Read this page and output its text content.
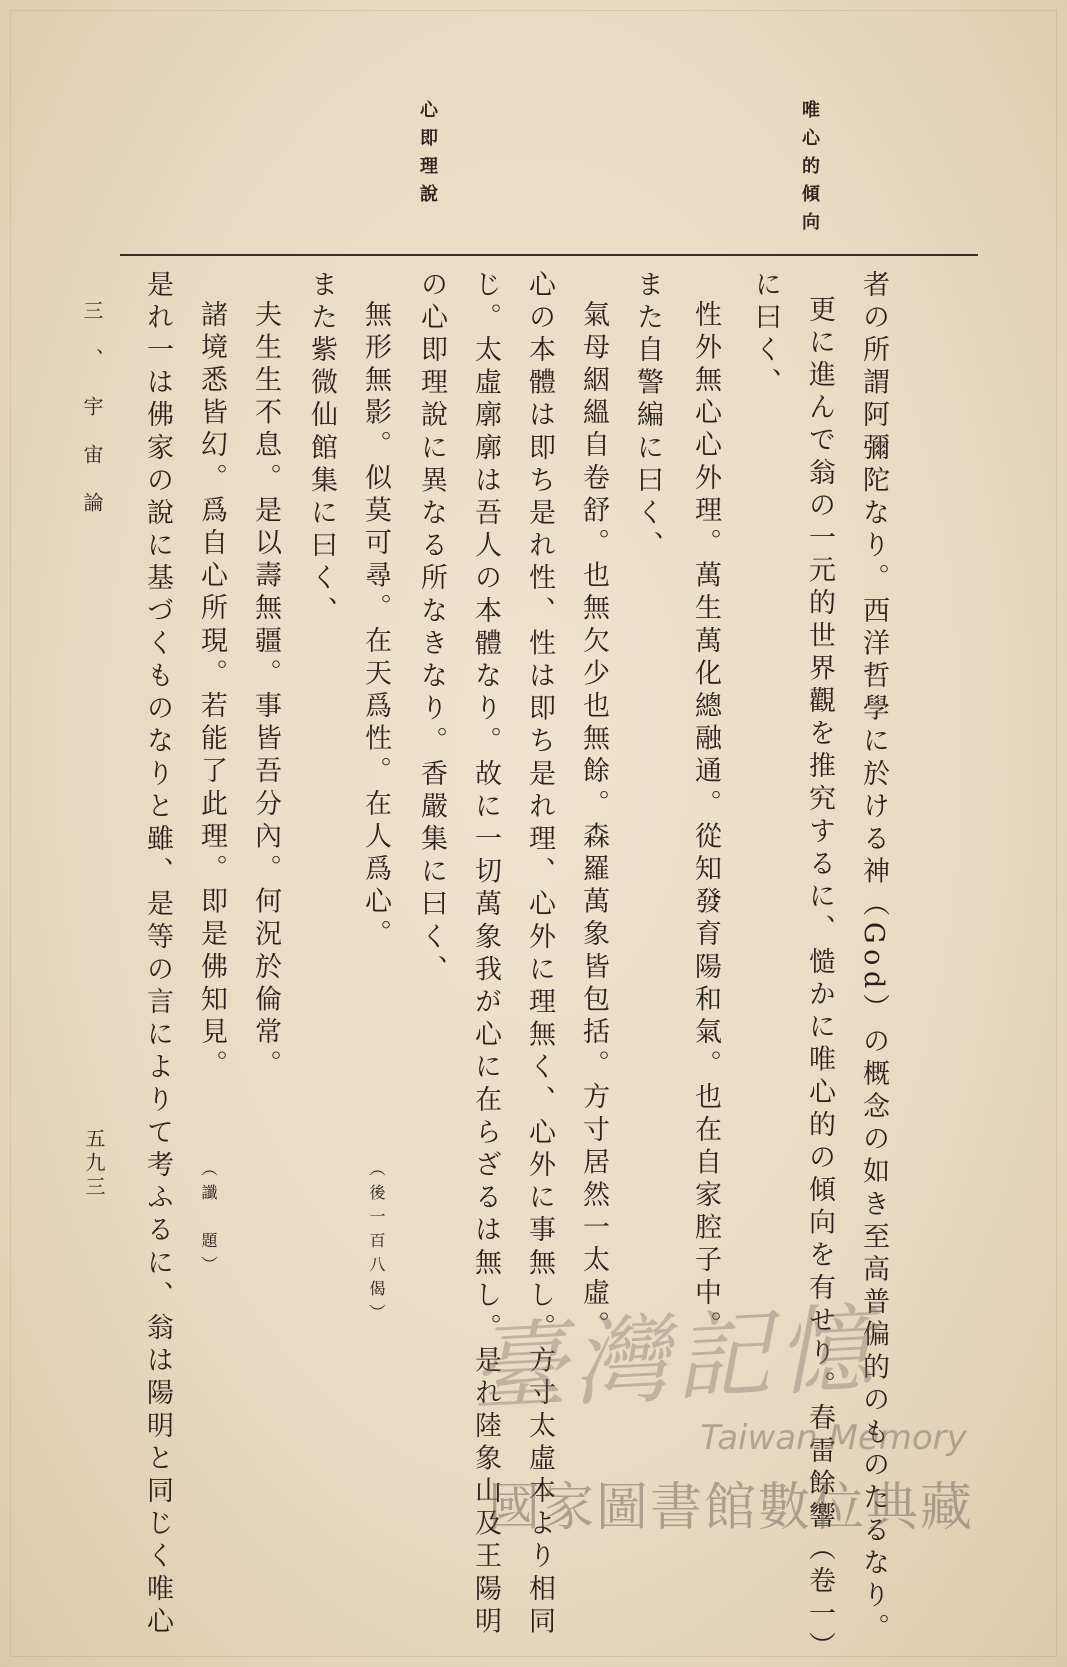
唯心的傾向
心即理說
者の所謂阿彌陀なり。西洋哲學に於ける神（God）の概念の如き至高普偏的のものたるなり。
更に進んで翁の一元的世界觀を推究するに、慥かに唯心的の傾向を有せり。春雷餘響（卷一）
に曰く、
性外無心心外理。萬生萬化總融通。從知發育陽和氣。也在自家腔子中。
また自警編に曰く、
氣母絪縕自卷舒。也無欠少也無餘。森羅萬象皆包括。方寸居然一太虛。
心の本體は即ち是れ性、性は即ち是れ理、心外に理無く、心外に事無し。方寸太虛本より相同
じ。太虛廓廓は吾人の本體なり。故に一切萬象我が心に在らざるは無し。是れ陸象山及王陽明
の心即理說に異なる所なきなり。香嚴集に曰く、
無形無影。似莫可尋。在天爲性。在人爲心。
また紫微仙館集に曰く、
夫生生不息。是以壽無疆。事皆吾分內。何況於倫常。
諸境悉皆幻。爲自心所現。若能了此理。即是佛知見。
是れ一は佛家の說に基づくものなりと雖、是等の言によりて考ふるに、翁は陽明と同じく唯心	（後一百八偈）
（讖　題）
三、宇宙論
五九三
臺灣記憶
Taiwan Memory
國家圖書館數位典藏
